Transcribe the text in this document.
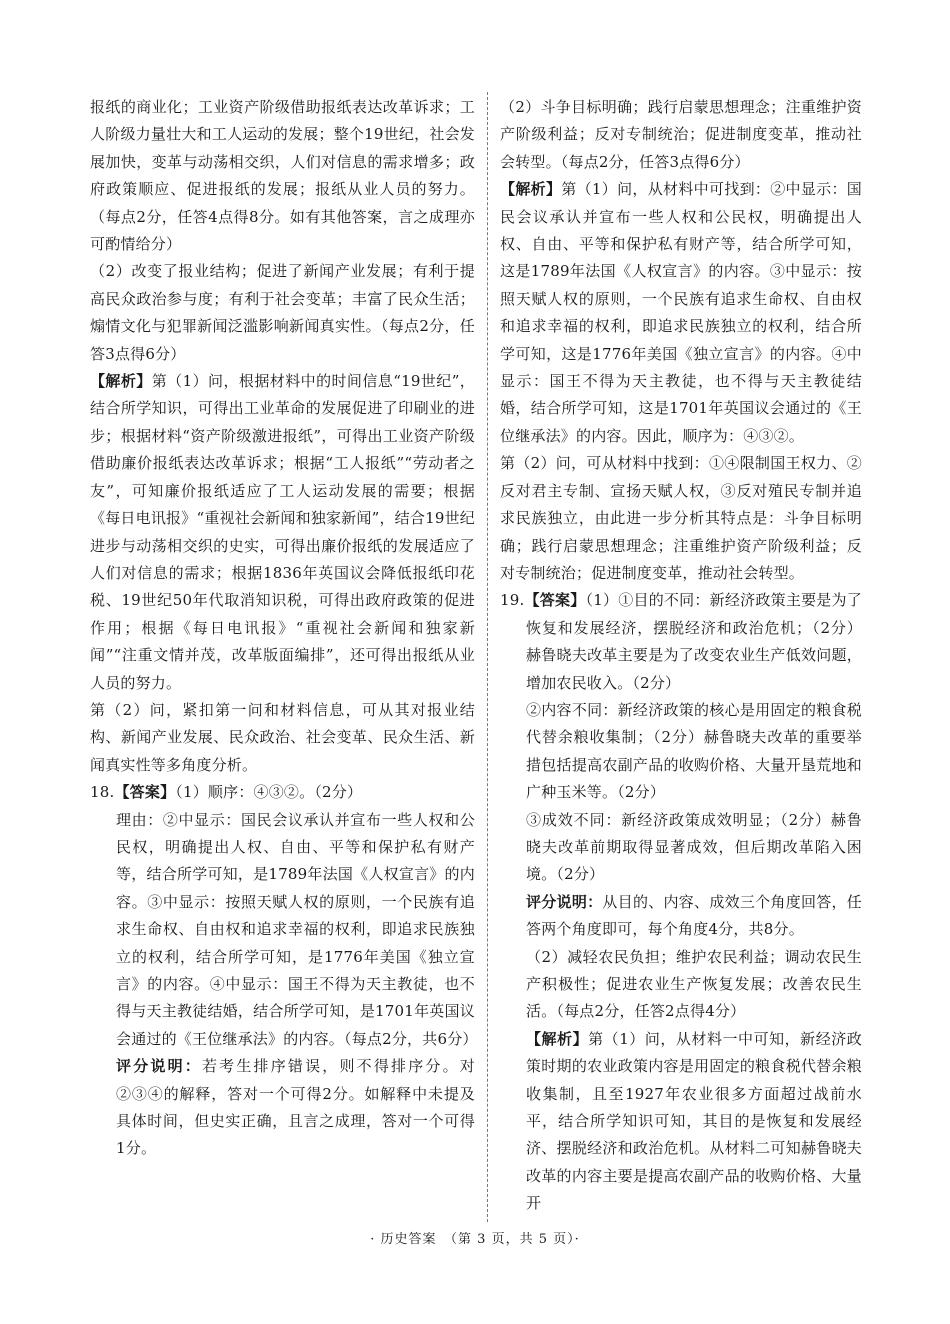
报纸的商业化；工业资产阶级借助报纸表达改革诉求；工人阶级力量壮大和工人运动的发展；整个19世纪，社会发展加快，变革与动荡相交织，人们对信息的需求增多；政府政策顺应、促进报纸的发展；报纸从业人员的努力。（每点2分，任答4点得8分。如有其他答案，言之成理亦可酌情给分）

（2）改变了报业结构；促进了新闻产业发展；有利于提高民众政治参与度；有利于社会变革；丰富了民众生活；煽情文化与犯罪新闻泛滥影响新闻真实性。（每点2分，任答3点得6分）

【解析】第（1）问，根据材料中的时间信息“19世纪”，结合所学知识，可得出工业革命的发展促进了印刷业的进步；根据材料“资产阶级激进报纸”，可得出工业资产阶级借助廉价报纸表达改革诉求；根据“工人报纸”“劳动者之友”，可知廉价报纸适应了工人运动发展的需要；根据《每日电讯报》“重视社会新闻和独家新闻”，结合19世纪进步与动荡相交织的史实，可得出廉价报纸的发展适应了人们对信息的需求；根据1836年英国议会降低报纸印花税、19世纪50年代取消知识税，可得出政府政策的促进作用；根据《每日电讯报》“重视社会新闻和独家新闻”“注重文情并茂，改革版面编排”，还可得出报纸从业人员的努力。

第（2）问，紧扣第一问和材料信息，可从其对报业结构、新闻产业发展、民众政治、社会变革、民众生活、新闻真实性等多角度分析。

18.【答案】（1）顺序：④③②。（2分）

理由：②中显示：国民会议承认并宣布一些人权和公民权，明确提出人权、自由、平等和保护私有财产等，结合所学可知，是1789年法国《人权宣言》的内容。③中显示：按照天赋人权的原则，一个民族有追求生命权、自由权和追求幸福的权利，即追求民族独立的权利，结合所学可知，是1776年美国《独立宣言》的内容。④中显示：国王不得为天主教徒，也不得与天主教徒结婚，结合所学可知，是1701年英国议会通过的《王位继承法》的内容。（每点2分，共6分）

评分说明：若考生排序错误，则不得排序分。对②③④的解释，答对一个可得2分。如解释中未提及具体时间，但史实正确，且言之成理，答对一个可得1分。

（2）斗争目标明确；践行启蒙思想理念；注重维护资产阶级利益；反对专制统治；促进制度变革，推动社会转型。（每点2分，任答3点得6分）

【解析】第（1）问，从材料中可找到：②中显示：国民会议承认并宣布一些人权和公民权，明确提出人权、自由、平等和保护私有财产等，结合所学可知，这是1789年法国《人权宣言》的内容。③中显示：按照天赋人权的原则，一个民族有追求生命权、自由权和追求幸福的权利，即追求民族独立的权利，结合所学可知，这是1776年美国《独立宣言》的内容。④中显示：国王不得为天主教徒，也不得与天主教徒结婚，结合所学可知，这是1701年英国议会通过的《王位继承法》的内容。因此，顺序为：④③②。

第（2）问，可从材料中找到：①④限制国王权力、②反对君主专制、宣扬天赋人权，③反对殖民专制并追求民族独立，由此进一步分析其特点是：斗争目标明确；践行启蒙思想理念；注重维护资产阶级利益；反对专制统治；促进制度变革，推动社会转型。

19.【答案】（1）①目的不同：新经济政策主要是为了恢复和发展经济，摆脱经济和政治危机；（2分）赫鲁晓夫改革主要是为了改变农业生产低效问题，增加农民收入。（2分）

②内容不同：新经济政策的核心是用固定的粮食税代替余粮收集制；（2分）赫鲁晓夫改革的重要举措包括提高农副产品的收购价格、大量开垦荒地和广种玉米等。（2分）

③成效不同：新经济政策成效明显；（2分）赫鲁晓夫改革前期取得显著成效，但后期改革陷入困境。（2分）

评分说明：从目的、内容、成效三个角度回答，任答两个角度即可，每个角度4分，共8分。

（2）减轻农民负担；维护农民利益；调动农民生产积极性；促进农业生产恢复发展；改善农民生活。（每点2分，任答2点得4分）

【解析】第（1）问，从材料一中可知，新经济政策时期的农业政策内容是用固定的粮食税代替余粮收集制，且至1927年农业很多方面超过战前水平，结合所学知识可知，其目的是恢复和发展经济、摆脱经济和政治危机。从材料二可知赫鲁晓夫改革的内容主要是提高农副产品的收购价格、大量开

· 历史答案　（第 3 页，共 5 页）·
